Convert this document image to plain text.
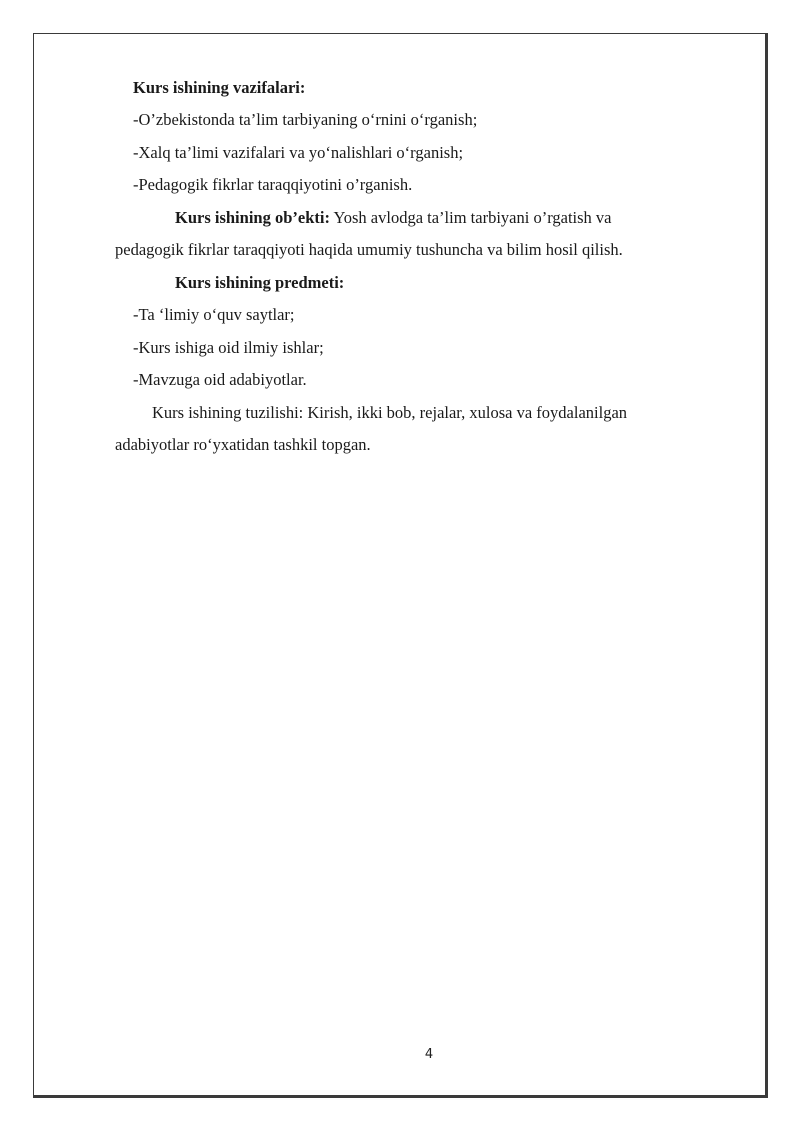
Kurs ishining vazifalari:
-O’zbekistonda ta’lim tarbiyaning o‘rnini o‘rganish;
-Xalq ta’limi vazifalari va yo‘nalishlari o‘rganish;
-Pedagogik fikrlar taraqqiyotini o’rganish.
Kurs ishining ob’ekti: Yosh avlodga ta’lim tarbiyani o’rgatish va
pedagogik fikrlar taraqqiyoti haqida umumiy tushuncha va bilim hosil qilish.
Kurs ishining predmeti:
-Ta ‘limiy o‘quv saytlar;
-Kurs ishiga oid ilmiy ishlar;
-Mavzuga oid adabiyotlar.
Kurs ishining tuzilishi: Kirish, ikki bob, rejalar, xulosa va foydalanilgan
adabiyotlar ro‘yxatidan tashkil topgan.
4
